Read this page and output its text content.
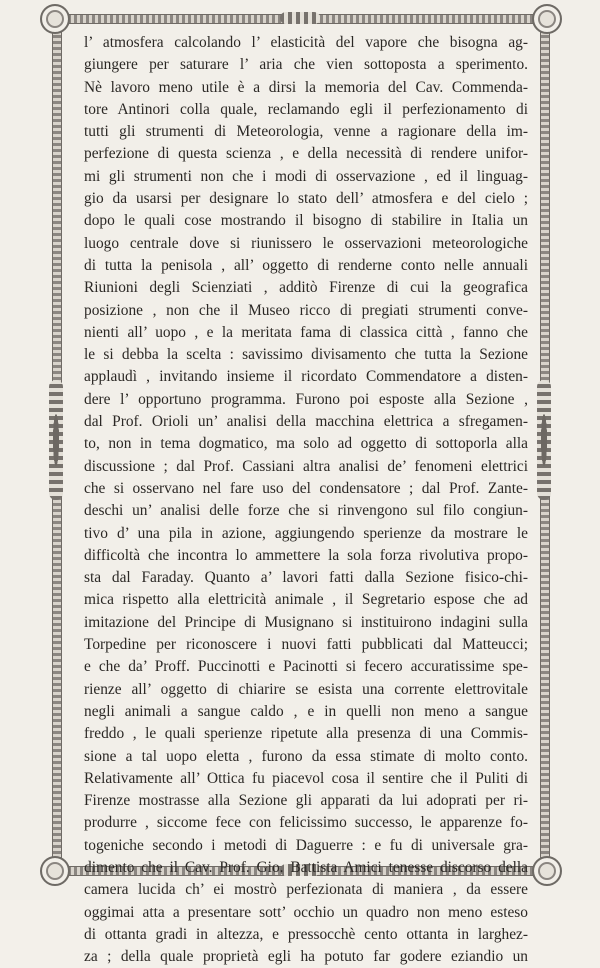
l’ atmosfera calcolando l’ elasticità del vapore che bisogna ag-
giungere per saturare l’ aria che vien sottoposta a sperimento.
Nè lavoro meno utile è a dirsi la memoria del Cav. Commenda-
tore Antinori colla quale, reclamando egli il perfezionamento di
tutti gli strumenti di Meteorologia, venne a ragionare della im-
perfezione di questa scienza , e della necessità di rendere unifor-
mi gli strumenti non che i modi di osservazione , ed il linguag-
gio da usarsi per designare lo stato dell’ atmosfera e del cielo ;
dopo le quali cose mostrando il bisogno di stabilire in Italia un
luogo centrale dove si riunissero le osservazioni meteorologiche
di tutta la penisola , all’ oggetto di renderne conto nelle annuali
Riunioni degli Scienziati , additò Firenze di cui la geografica
posizione , non che il Museo ricco di pregiati strumenti conve-
nienti all’ uopo , e la meritata fama di classica città , fanno che
le si debba la scelta : savissimo divisamento che tutta la Sezione
applaudì , invitando insieme il ricordato Commendatore a disten-
dere l’ opportuno programma. Furono poi esposte alla Sezione ,
dal Prof. Orioli un’ analisi della macchina elettrica a sfregamen-
to, non in tema dogmatico, ma solo ad oggetto di sottoporla alla
discussione ; dal Prof. Cassiani altra analisi de’ fenomeni elettrici
che si osservano nel fare uso del condensatore ; dal Prof. Zante-
deschi un’ analisi delle forze che si rinvengono sul filo congiun-
tivo d’ una pila in azione, aggiungendo sperienze da mostrare le
difficoltà che incontra lo ammettere la sola forza rivolutiva propo-
sta dal Faraday. Quanto a’ lavori fatti dalla Sezione fisico-chi-
mica rispetto alla elettricità animale , il Segretario espose che ad
imitazione del Principe di Musignano si instituirono indagini sulla
Torpedine per riconoscere i nuovi fatti pubblicati dal Matteucci;
e che da’ Proff. Puccinotti e Pacinotti si fecero accuratissime spe-
rienze all’ oggetto di chiarire se esista una corrente elettrovitale
negli animali a sangue caldo , e in quelli non meno a sangue
freddo , le quali sperienze ripetute alla presenza di una Commis-
sione a tal uopo eletta , furono da essa stimate di molto conto.
Relativamente all’ Ottica fu piacevol cosa il sentire che il Puliti di
Firenze mostrasse alla Sezione gli apparati da lui adoprati per ri-
produrre , siccome fece con felicissimo successo, le apparenze fo-
togeniche secondo i metodi di Daguerre : e fu di universale gra-
dimento che il Cav. Prof. Gio. Battista Amici tenesse discorso della
camera lucida ch’ ei mostrò perfezionata di maniera , da essere
oggimai atta a presentare sott’ occhio un quadro non meno esteso
di ottanta gradi in altezza, e pressocchè cento ottanta in larghez-
za ; della quale proprietà egli ha potuto far godere eziandio un
